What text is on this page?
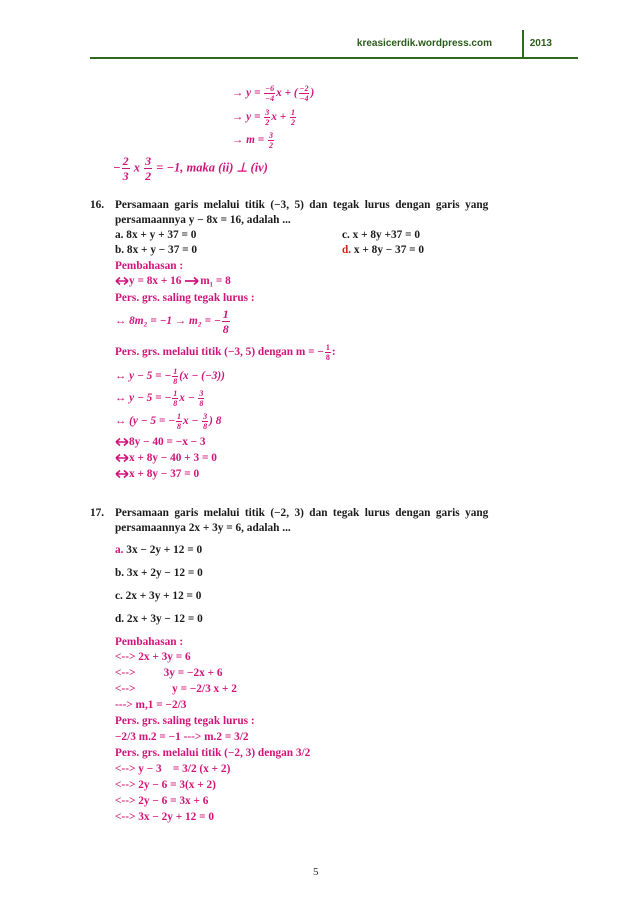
kreasicerdik.wordpress.com	2013
→ $y = \frac{-6}{-4}$ x + ( $\frac{-2}{-4}$ )
→ $y = \frac{3}{2}$ $x + \frac{1}{2}$
→ $m = \frac{3}{2}$
− $\frac{2}{3}$ x $\frac{3}{2} = -1$, maka (ii) ⊥ (iv)
16. Persamaan garis melalui titik (−3, 5) dan tegak lurus dengan garis yang
persamaannya y − 8x = 16, adalah ...
a. 8x + y + 37 = 0	c. x + 8y +37 = 0
b. 8x + y − 37 = 0	d. x + 8y − 37 = 0
Pembahasan :
y = 8x + 16 m₁ = 8
Pers. grs. saling tegak lurus :
↔ 8m₂ = −1 → m₂ = − $\frac{1}{8}$
Pers. grs. melalui titik (−3, 5) dengan m = − $\frac{1}{8}$ :
↔ y − 5 = − $\frac{1}{8} (x - (-3))$
↔ y − 5 = − $\frac{1}{8}$ $x - \frac{3}{8}$
↔ (y − 5 = − $\frac{1}{8}$ $x - \frac{3}{8}$ ) 8
8y − 40 = −x − 3
x + 8y − 40 + 3 = 0
x + 8y − 37 = 0
17. Persamaan garis melalui titik (−2, 3) dan tegak lurus dengan garis yang
persamaannya 2x + 3y = 6, adalah ...
a. 3x − 2y + 12 = 0
b. 3x + 2y − 12 = 0
c. 2x + 3y + 12 = 0
d. 2x + 3y − 12 = 0
Pembahasan :
<--> 2x + 3y = 6
<-->          3y = −2x + 6
<-->             y = −2/3 x + 2
---> m,1 = −2/3
Pers. grs. saling tegak lurus :
−2/3 m.2 = −1 ---> m.2 = 3/2
Pers. grs. melalui titik (−2, 3) dengan 3/2
<--> y − 3    = 3/2 (x + 2)
<--> 2y − 6 = 3(x + 2)
<--> 2y − 6 = 3x + 6
<--> 3x − 2y + 12 = 0
5
